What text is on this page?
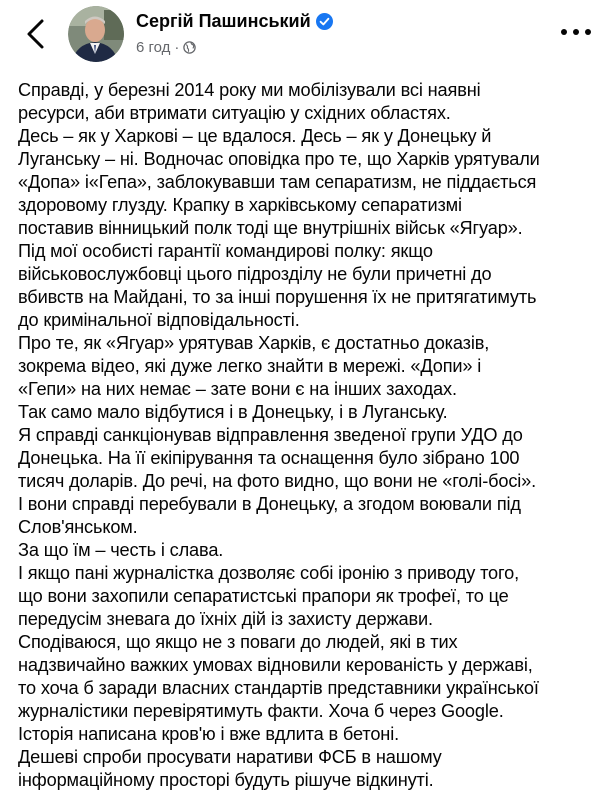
Сергій Пашинський
6 год ·
Справді, у березні 2014 року ми мобілізували всі наявні
ресурси, аби втримати ситуацію у східних областях.
Десь – як у Харкові – це вдалося. Десь – як у Донецьку й
Луганську – ні. Водночас оповідка про те, що Харків урятували
«Допа» і«Гепа», заблокувавши там сепаратизм, не піддається
здоровому глузду. Крапку в харківському сепаратизмі
поставив вінницький полк тоді ще внутрішніх військ «Ягуар».
Під мої особисті гарантії командирові полку: якщо
військовослужбовці цього підрозділу не були причетні до
вбивств на Майдані, то за інші порушення їх не притягатимуть
до кримінальної відповідальності.
Про те, як «Ягуар» урятував Харків, є достатньо доказів,
зокрема відео, які дуже легко знайти в мережі. «Допи» і
«Гепи» на них немає – зате вони є на інших заходах.
Так само мало відбутися і в Донецьку, і в Луганську.
Я справді санкціонував відправлення зведеної групи УДО до
Донецька. На її екіпірування та оснащення було зібрано 100
тисяч доларів. До речі, на фото видно, що вони не «голі-босі».
І вони справді перебували в Донецьку, а згодом воювали під
Слов'янськом.
За що їм – честь і слава.
І якщо пані журналістка дозволяє собі іронію з приводу того,
що вони захопили сепаратистські прапори як трофеї, то це
передусім зневага до їхніх дій із захисту держави.
Сподіваюся, що якщо не з поваги до людей, які в тих
надзвичайно важких умовах відновили керованість у державі,
то хоча б заради власних стандартів представники української
журналістики перевірятимуть факти. Хоча б через Google.
Історія написана кров'ю і вже вдлита в бетоні.
Дешеві спроби просувати наративи ФСБ в нашому
інформаційному просторі будуть рішуче відкинуті.
